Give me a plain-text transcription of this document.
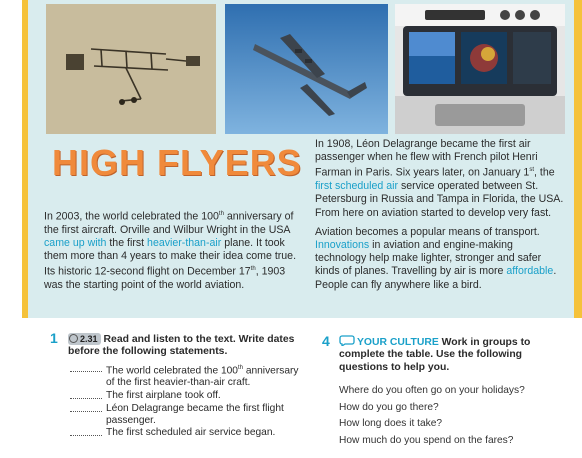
HIGH FLYERS

In 2003, the world celebrated the 100th anniversary of the first aircraft. Orville and Wilbur Wright in the USA came up with the first heavier-than-air plane. It took them more than 4 years to make their idea come true. Its historic 12-second flight on December 17th, 1903 was the starting point of the world aviation.

In 1908, Léon Delagrange became the first air passenger when he flew with French pilot Henri Farman in Paris. Six years later, on January 1st, the first scheduled air service operated between St. Petersburg in Russia and Tampa in Florida, the USA. From here on aviation started to develop very fast.

Aviation becomes a popular means of transport. Innovations in aviation and engine-making technology help make lighter, stronger and safer kinds of planes. Travelling by air is more affordable. People can fly anywhere like a bird.

1	2.31 Read and listen to the text. Write dates before the following statements.
The world celebrated the 100th anniversary of the first heavier-than-air craft.
The first airplane took off.
Léon Delagrange became the first flight passenger.
The first scheduled air service began.
4	YOUR CULTURE Work in groups to complete the table. Use the following questions to help you.
Where do you often go on your holidays?
How do you go there?
How long does it take?
How much do you spend on the fares?
